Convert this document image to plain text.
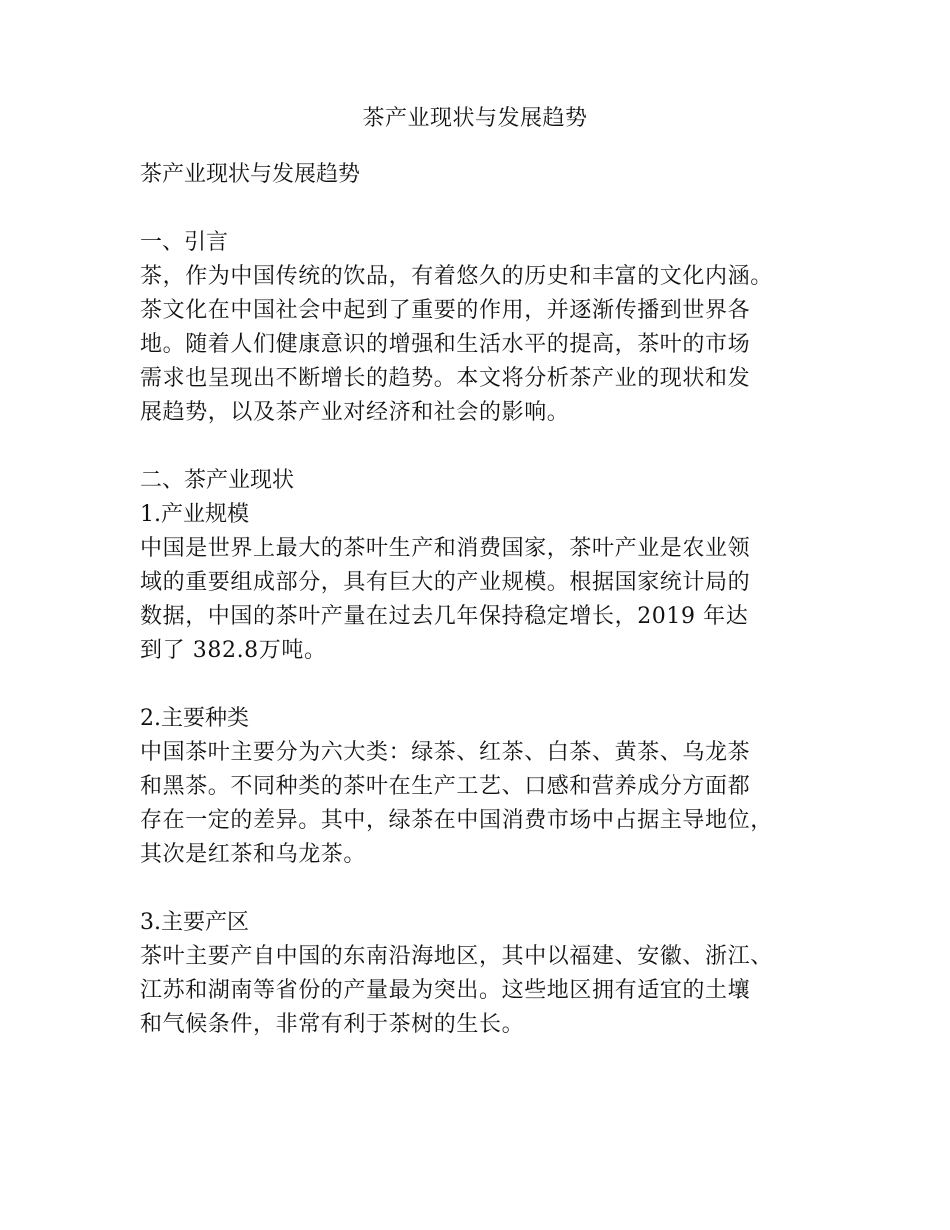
茶产业现状与发展趋势
茶产业现状与发展趋势
一、引言
茶，作为中国传统的饮品，有着悠久的历史和丰富的文化内涵。
茶文化在中国社会中起到了重要的作用，并逐渐传播到世界各
地。随着人们健康意识的增强和生活水平的提高，茶叶的市场
需求也呈现出不断增长的趋势。本文将分析茶产业的现状和发
展趋势，以及茶产业对经济和社会的影响。
二、茶产业现状
1.产业规模
中国是世界上最大的茶叶生产和消费国家，茶叶产业是农业领
域的重要组成部分，具有巨大的产业规模。根据国家统计局的
数据，中国的茶叶产量在过去几年保持稳定增长，2019 年达
到了 382.8万吨。
2.主要种类
中国茶叶主要分为六大类：绿茶、红茶、白茶、黄茶、乌龙茶
和黑茶。不同种类的茶叶在生产工艺、口感和营养成分方面都
存在一定的差异。其中，绿茶在中国消费市场中占据主导地位，
其次是红茶和乌龙茶。
3.主要产区
茶叶主要产自中国的东南沿海地区，其中以福建、安徽、浙江、
江苏和湖南等省份的产量最为突出。这些地区拥有适宜的土壤
和气候条件，非常有利于茶树的生长。
